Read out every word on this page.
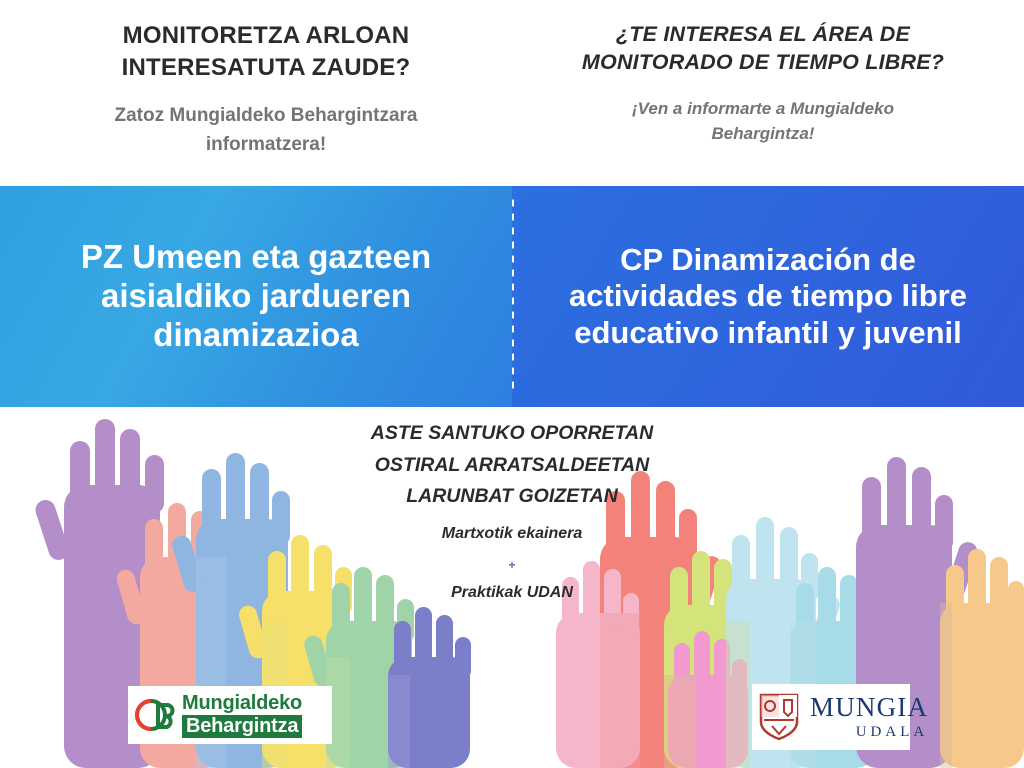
MONITORETZA ARLOAN
INTERESATUTA ZAUDE?
Zatoz Mungialdeko Behargintzara
informatzera!
¿TE INTERESA EL ÁREA DE
MONITORADO DE TIEMPO LIBRE?
¡Ven a informarte a Mungialdeko
Behargintza!
PZ Umeen eta gazteen aisialdiko jardueren dinamizazioa
CP Dinamización de actividades de tiempo libre educativo infantil y juvenil
ASTE SANTUKO OPORRETAN
OSTIRAL ARRATSALDEETAN
LARUNBAT GOIZETAN
Martxotik ekainera
+
Praktikak UDAN
Mungialdeko
Behargintza
MUNGIA
UDALA
